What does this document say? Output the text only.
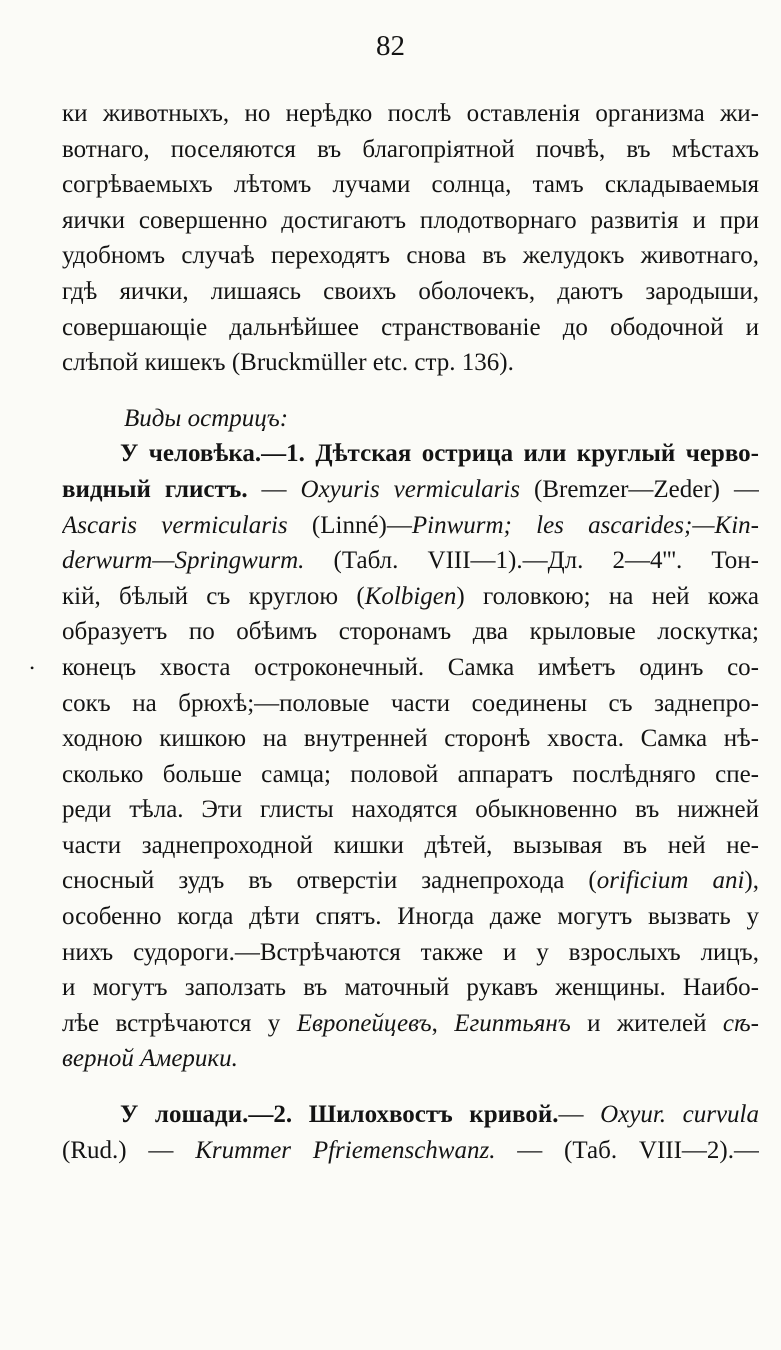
82
•
ки животныхъ, но нерѣдко послѣ оставленія организма жи-
вотнаго, поселяются въ благопріятной почвѣ, въ мѣстахъ
согрѣваемыхъ лѣтомъ лучами солнца, тамъ складываемыя
яички совершенно достигаютъ плодотворнаго развитія и при
удобномъ случаѣ переходятъ снова въ желудокъ животнаго,
гдѣ яички, лишаясь своихъ оболочекъ, даютъ зародыши,
совершающіе дальнѣйшее странствованіе до ободочной и
слѣпой кишекъ (Bruckmüller etc. стр. 136).
Виды острицъ:
У человѣка.—1. Дѣтская острица или круглый черво-
видный глистъ. — Oxyuris vermicularis (Bremzer—Zeder) —
Ascaris vermicularis (Linné)—Pinwurm; les ascarides;—Kin-
derwurm—Springwurm. (Табл. VIII—1).—Дл. 2—4'''. Тон-
кій, бѣлый съ круглою (Kolbigen) головкою; на ней кожа
образуетъ по обѣимъ сторонамъ два крыловые лоскутка;
конецъ хвоста остроконечный. Самка имѣетъ одинъ со-
сокъ на брюхѣ;—половые части соединены съ заднепро-
ходною кишкою на внутренней сторонѣ хвоста. Самка нѣ-
сколько больше самца; половой аппаратъ послѣдняго спе-
реди тѣла. Эти глисты находятся обыкновенно въ нижней
части заднепроходной кишки дѣтей, вызывая въ ней не-
сносный зудъ въ отверстіи заднепрохода (orificium ani),
особенно когда дѣти спятъ. Иногда даже могутъ вызвать у
нихъ судороги.—Встрѣчаются также и у взрослыхъ лицъ,
и могутъ заползать въ маточный рукавъ женщины. Наибо-
лѣе встрѣчаются у Европейцевъ, Египтьянъ и жителей сѣ-
верной Америки.
У лошади.—2. Шилохвостъ кривой.— Oxyur. curvula
(Rud.) — Krummer Pfriemenschwanz. — (Таб. VIII—2).—
